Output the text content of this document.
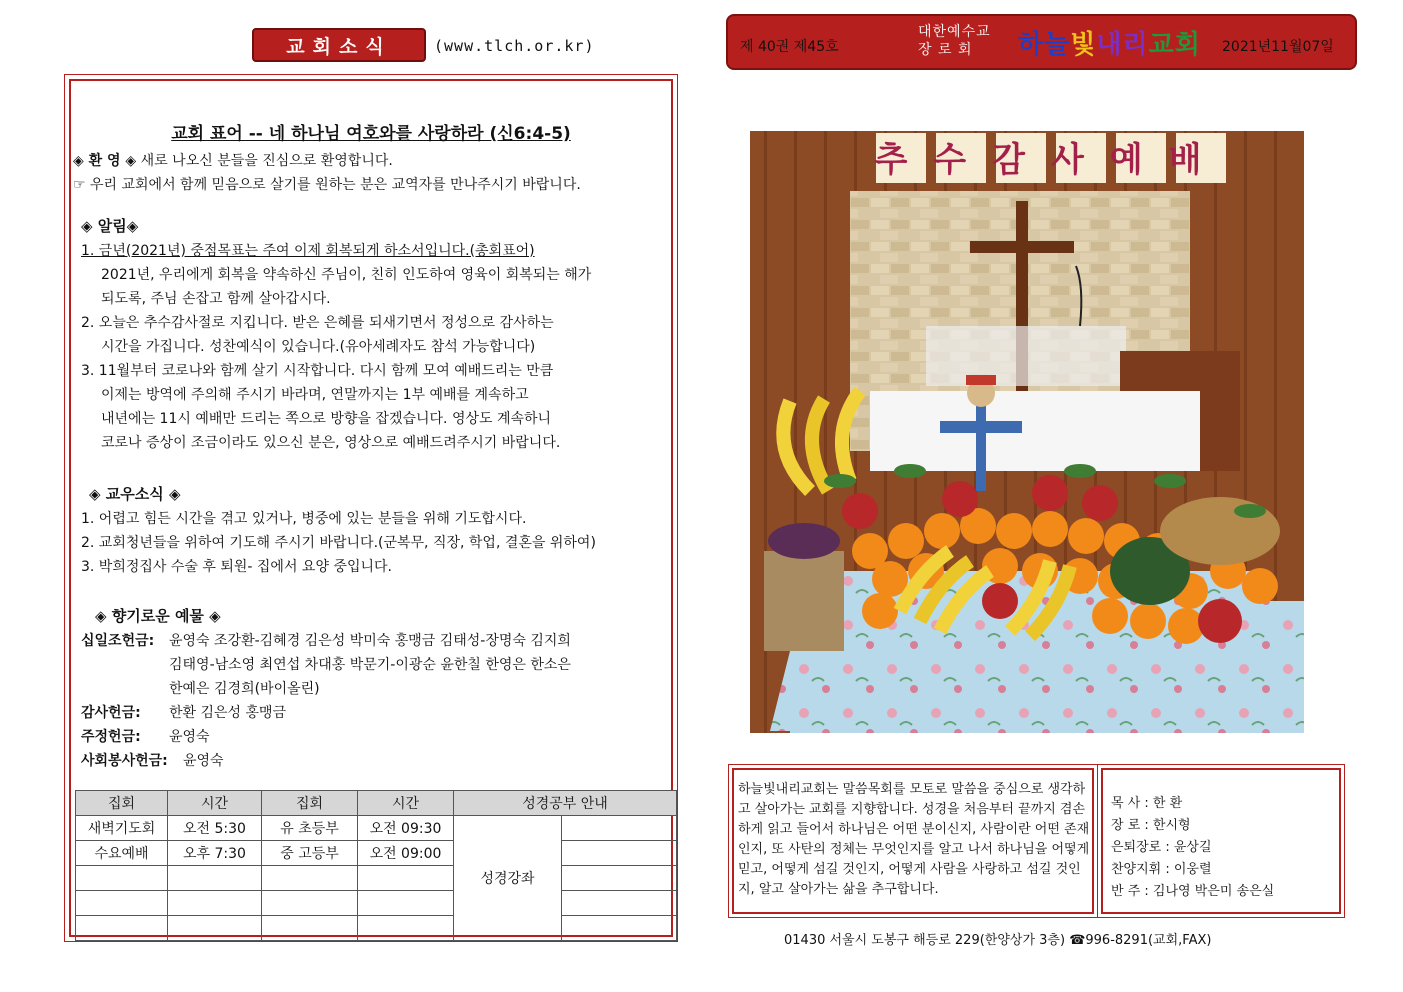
교회소식	(www.tlch.or.kr)
교회 표어 -- 네 하나님 여호와를 사랑하라 (신6:4-5)
◈ 환 영 ◈ 새로 나오신 분들을 진심으로 환영합니다.
☞ 우리 교회에서 함께 믿음으로 살기를 원하는 분은 교역자를 만나주시기 바랍니다.
◈ 알림◈
1. 금년(2021년) 중점목표는 주여 이제 회복되게 하소서입니다.(총회표어)
2021년, 우리에게 회복을 약속하신 주님이, 친히 인도하여 영육이 회복되는 해가
되도록, 주님 손잡고 함께 살아갑시다.
2. 오늘은 추수감사절로 지킵니다. 받은 은혜를 되새기면서 정성으로 감사하는
시간을 가집니다. 성찬예식이 있습니다.(유아세례자도 참석 가능합니다)
3. 11월부터 코로나와 함께 살기 시작합니다. 다시 함께 모여 예배드리는 만큼
이제는 방역에 주의해 주시기 바라며, 연말까지는 1부 예배를 계속하고
내년에는 11시 예배만 드리는 쪽으로 방향을 잡겠습니다. 영상도 계속하니
코로나 증상이 조금이라도 있으신 분은, 영상으로 예배드려주시기 바랍니다.
◈ 교우소식 ◈
1. 어렵고 힘든 시간을 겪고 있거나, 병중에 있는 분들을 위해 기도합시다.
2. 교회청년들을 위하여 기도해 주시기 바랍니다.(군복무, 직장, 학업, 결혼을 위하여)
3. 박희정집사 수술 후 퇴원- 집에서 요양 중입니다.
◈ 향기로운 예물 ◈
십일조헌금: 윤영숙 조강환-김혜경 김은성 박미숙 홍맹금 김태성-장명숙 김지희
김태영-남소영 최연섭 차대홍 박문기-이광순 윤한칠 한영은 한소은
한예은 김경희(바이올린)
감사헌금: 한환 김은성 홍맹금
주정헌금: 윤영숙
사회봉사헌금: 윤영숙
집회	시간	집회	시간	성경공부 안내	
새벽기도회	오전 5:30	유 초등부	오전 09:30	성경강좌	
수요예배	오후 7:30	중 고등부	오전 09:00		

제 40권 제45호
대한예수교
장 로 회	하늘빛내리교회 2021년11월07일
추수감사예배
하늘빛내리교회는 말씀목회를 모토로 말씀을 중심으로 생각하고 살아가는 교회를 지향합니다. 성경을 처음부터 끝까지 겸손하게 읽고 들어서 하나님은 어떤 분이신지, 사람이란 어떤 존재인지, 또 사탄의 정체는 무엇인지를 알고 나서 하나님을 어떻게 믿고, 어떻게 섬길 것인지, 어떻게 사람을 사랑하고 섬길 것인지, 알고 살아가는 삶을 추구합니다.
목 사 : 한 환
장 로 : 한시형
은퇴장로 : 윤상길
찬양지휘 : 이웅렬
반 주 : 김나영 박은미 송은실
01430 서울시 도봉구 해등로 229(한양상가 3층) ☎996-8291(교회,FAX)
